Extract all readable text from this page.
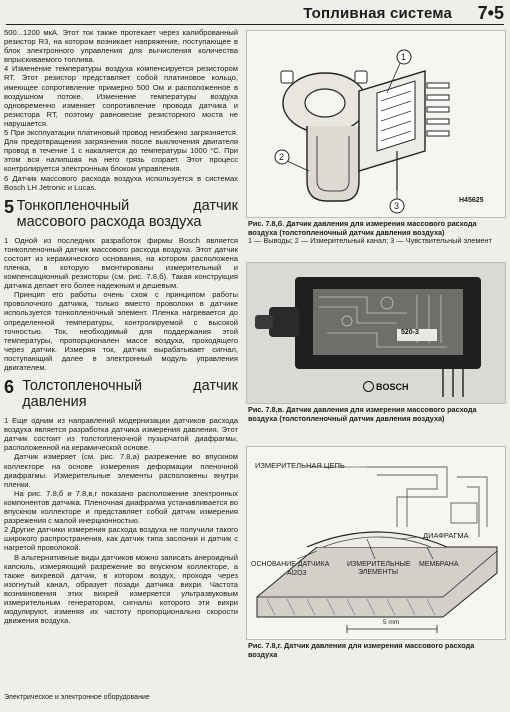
Топливная система 7•5

500...1200 мкА. Этот ток также протекает через калиброванный резистор R3, на котором возникает напряжение, поступающее в блок электронного управления для вычисления количества впрыскиваемого топлива.

4 Изменение температуры воздуха компенсируется резистором RT. Этот резистор представляет собой платиновое кольцо, имеющее сопротивление примерно 500 Ом и расположенное в воздушном потоке. Изменение температуры воздуха одновременно изменяет сопротивление провода датчика и резистора RT, поэтому равновесие резисторного моста не нарушается.

5 При эксплуатации платиновый провод неизбежно загрязняется. Для предотвращения загрязнения после выключения двигателя провод в течение 1 с накаляется до температуры 1000 °С. При этом вся налипшая на него грязь сгорает. Этот процесс контролируется электронным блоком управления.

6 Датчик массового расхода воздуха используется в системах Bosch LH Jetronic и Lucas.

5 Тонкопленочный датчик массового расхода воздуха

1 Одной из последних разработок фирмы Bosch является тонкопленочный датчик массового расхода воздуха. Этот датчик состоит из керамического основания, на котором расположена пленка, в которую вмонтированы измерительный и компенсационный резисторы (см. рис. 7.8,б). Такая конструкция датчика делает его более надежным и дешевым.

Принцип его работы очень схож с принципом работы проволочного датчика, только вместо проволоки в датчике используется тонкопленочный элемент. Пленка нагревается до определенной температуры, контролируемой с высокой точностью. Ток, необходимый для поддержания этой температуры, пропорционален массе воздуха, проходящего через датчик. Измеряя ток, датчик вырабатывает сигнал, поступающий далее в электронный модуль управления двигателем.

6 Толстопленочный датчик давления

1 Еще одним из направлений модернизации датчиков расхода воздуха является разработка датчика измерения давления. Этот датчик состоит из толстопленочной пузырчатой диафрагмы, расположенной на керамической основе.

Датчик измеряет (см. рис. 7.8,а) разрежение во впускном коллекторе на основе измерения деформации пленочной диафрагмы. Измерительные элементы расположены внутри пленки.

На рис. 7.8,б и 7.8,в,г показано расположение электронных компонентов датчика. Пленочная диафрагма устанавливается во впускном коллекторе и представляет собой датчик измерения разрежения с малой инерционностью.

2 Другие датчики измерения расхода воздуха не получили такого широкого распространения, как датчик типа заслонки и датчик с нагретой проволокой.

В альтернативные виды датчиков можно записать анероидный капсюль, измеряющий разрежение во впускном коллекторе, а также вихревой датчик, в котором воздух, проходя через изогнутый канал, образует позади датчика вихри. Частота возникновения этих вихрей измеряется ультразвуковым измерительным генератором, сигналы которого эти вихри модулируют, изменяя их частоту пропорционально скорости движения воздуха.

1
2
3
H45625
Рис. 7.8,б. Датчик давления для измерения массового расхода воздуха (толстопленочный датчик давления воздуха)
1 — Выводы; 2 — Измерительный канал; 3 — Чувствительный элемент
520-3
BOSCH
Рис. 7.8,в. Датчик давления для измерения массового расхода воздуха (толстопленочный датчик давления воздуха)
ИЗМЕРИТЕЛЬНАЯ ЦЕПЬ
ДИАФРАГМА
ОСНОВАНИЕ ДАТЧИКА
Al2O3
ИЗМЕРИТЕЛЬНЫЕ ЭЛЕМЕНТЫ
МЕМБРАНА
5 mm
Рис. 7.8,г. Датчик давления для измерения массового расхода воздуха
Электрическое и электронное оборудование
